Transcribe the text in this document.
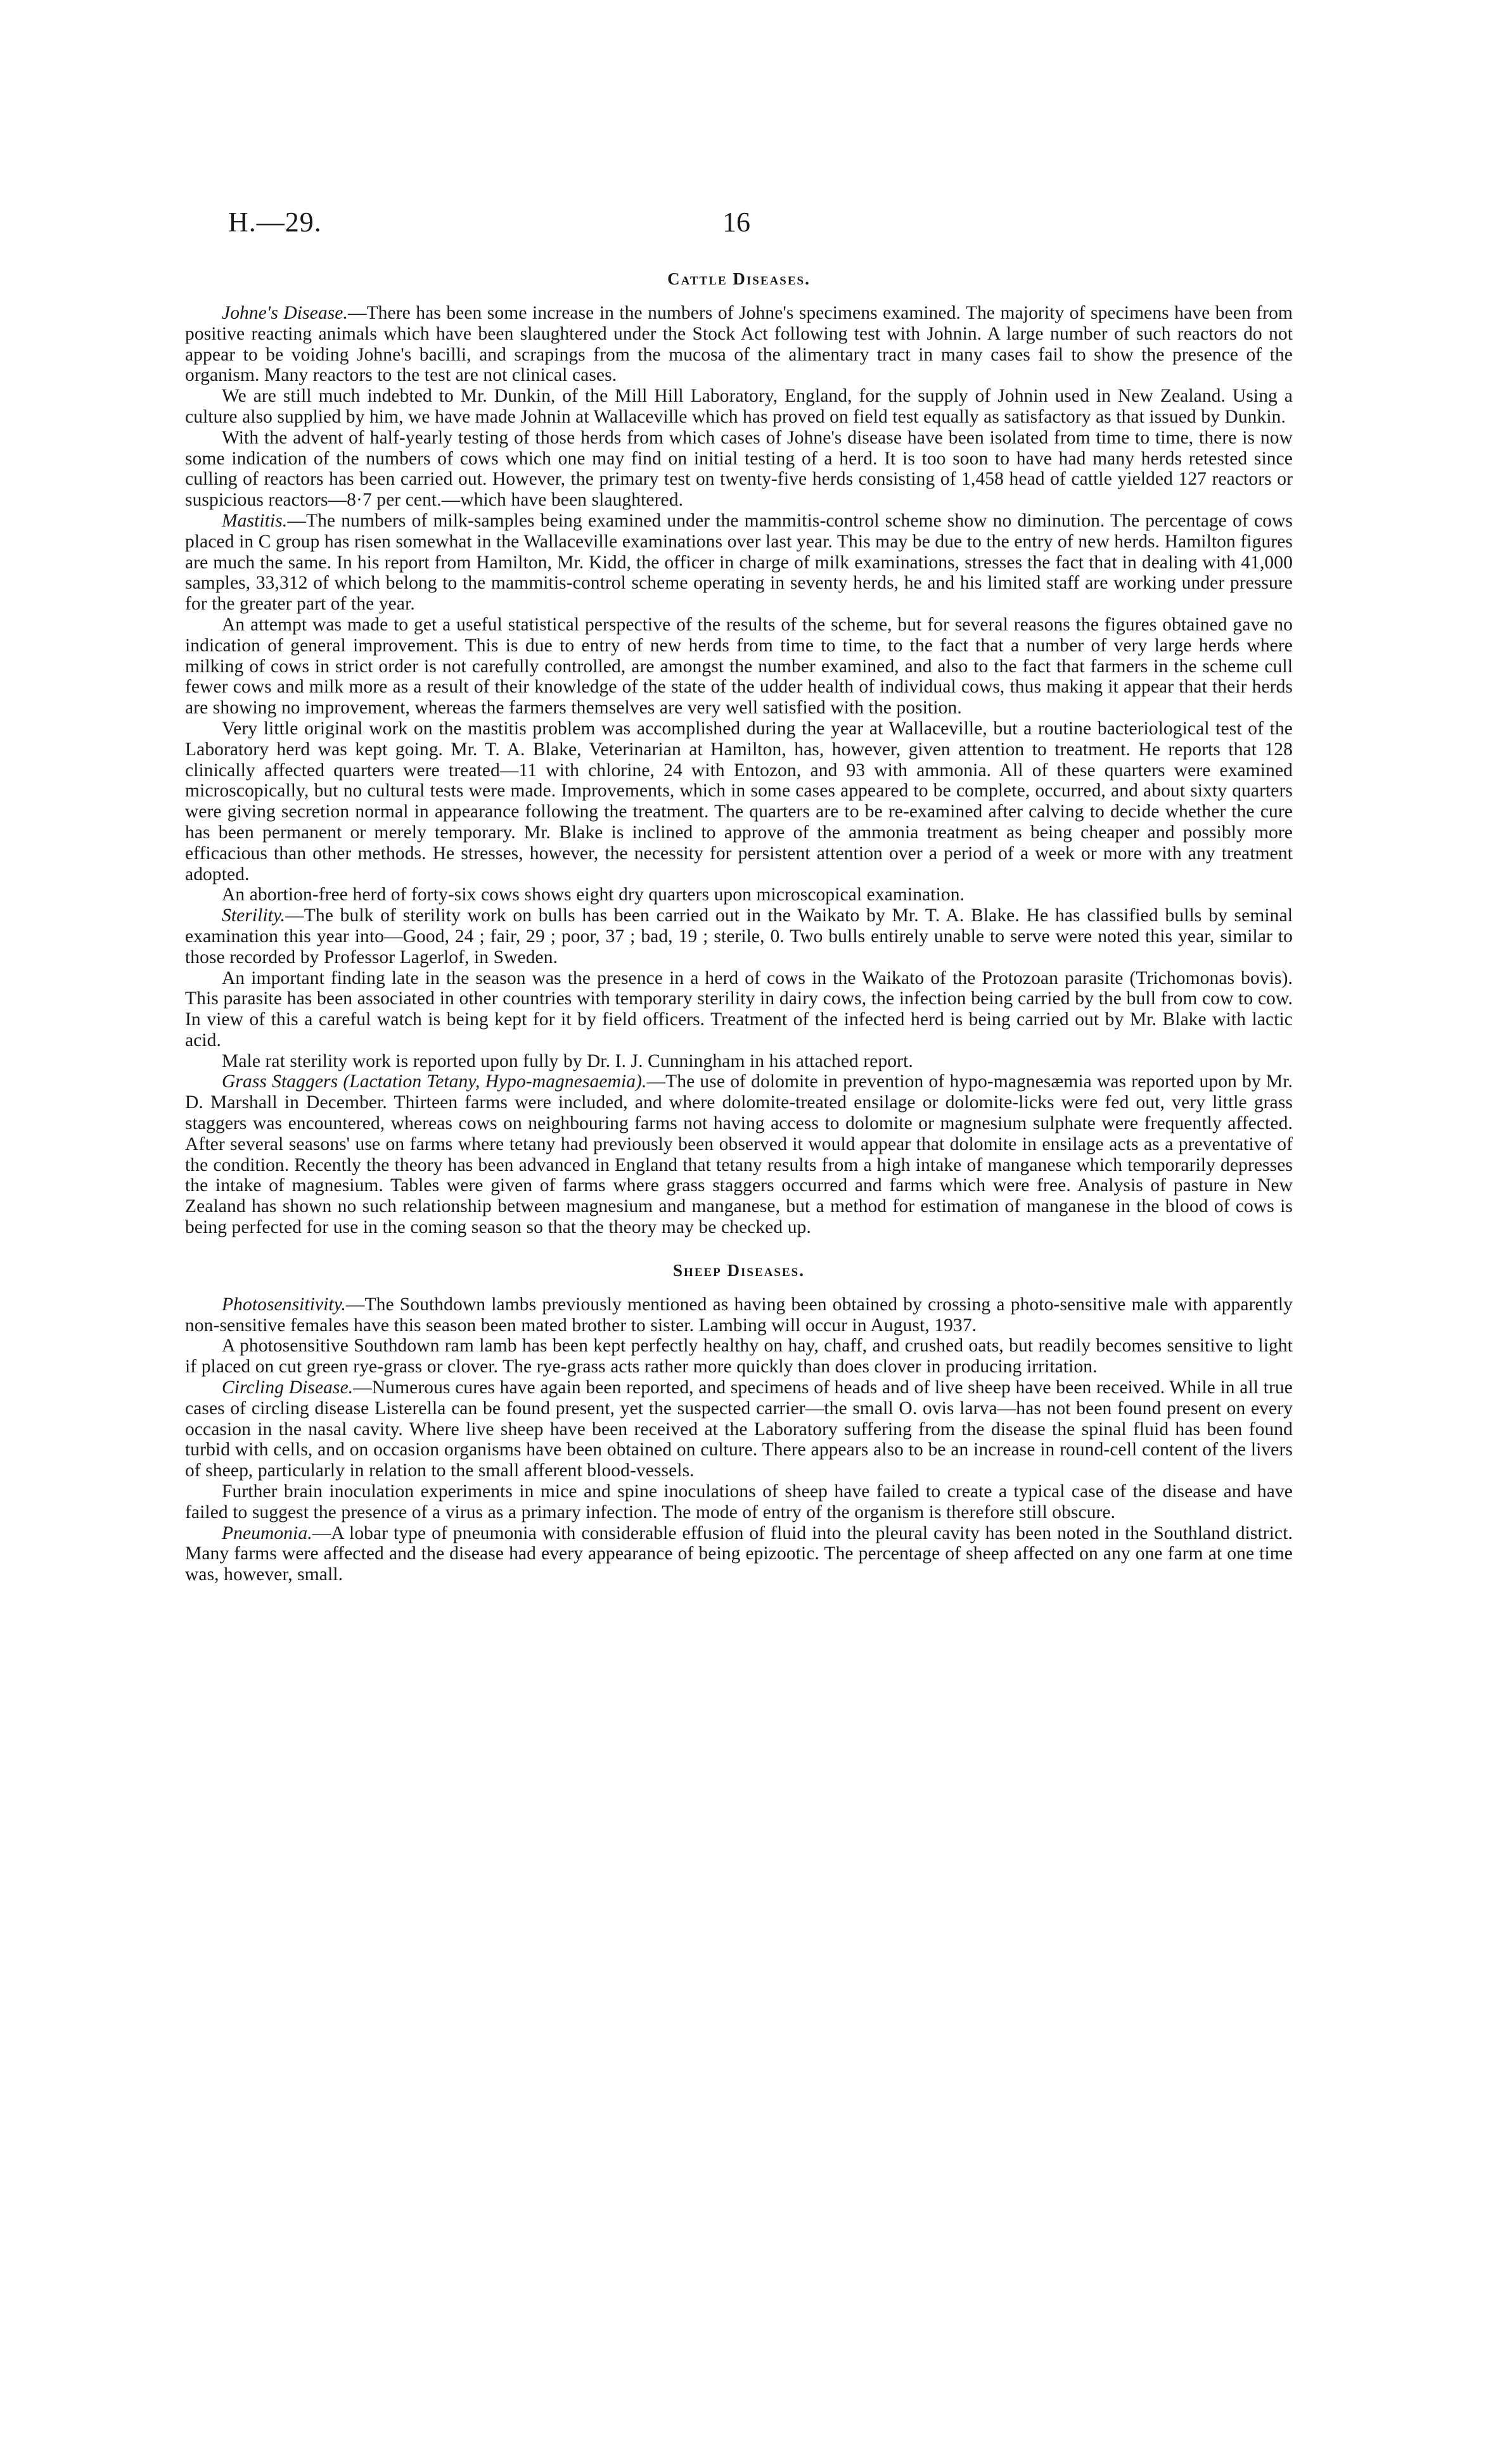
H.—29.	16
Cattle Diseases.

Johne's Disease.—There has been some increase in the numbers of Johne's specimens examined. The majority of specimens have been from positive reacting animals which have been slaughtered under the Stock Act following test with Johnin. A large number of such reactors do not appear to be voiding Johne's bacilli, and scrapings from the mucosa of the alimentary tract in many cases fail to show the presence of the organism. Many reactors to the test are not clinical cases.

We are still much indebted to Mr. Dunkin, of the Mill Hill Laboratory, England, for the supply of Johnin used in New Zealand. Using a culture also supplied by him, we have made Johnin at Wallaceville which has proved on field test equally as satisfactory as that issued by Dunkin.

With the advent of half-yearly testing of those herds from which cases of Johne's disease have been isolated from time to time, there is now some indication of the numbers of cows which one may find on initial testing of a herd. It is too soon to have had many herds retested since culling of reactors has been carried out. However, the primary test on twenty-five herds consisting of 1,458 head of cattle yielded 127 reactors or suspicious reactors—8·7 per cent.—which have been slaughtered.

Mastitis.—The numbers of milk-samples being examined under the mammitis-control scheme show no diminution. The percentage of cows placed in C group has risen somewhat in the Wallaceville examinations over last year. This may be due to the entry of new herds. Hamilton figures are much the same. In his report from Hamilton, Mr. Kidd, the officer in charge of milk examinations, stresses the fact that in dealing with 41,000 samples, 33,312 of which belong to the mammitis-control scheme operating in seventy herds, he and his limited staff are working under pressure for the greater part of the year.

An attempt was made to get a useful statistical perspective of the results of the scheme, but for several reasons the figures obtained gave no indication of general improvement. This is due to entry of new herds from time to time, to the fact that a number of very large herds where milking of cows in strict order is not carefully controlled, are amongst the number examined, and also to the fact that farmers in the scheme cull fewer cows and milk more as a result of their knowledge of the state of the udder health of individual cows, thus making it appear that their herds are showing no improvement, whereas the farmers themselves are very well satisfied with the position.

Very little original work on the mastitis problem was accomplished during the year at Wallaceville, but a routine bacteriological test of the Laboratory herd was kept going. Mr. T. A. Blake, Veterinarian at Hamilton, has, however, given attention to treatment. He reports that 128 clinically affected quarters were treated—11 with chlorine, 24 with Entozon, and 93 with ammonia. All of these quarters were examined microscopically, but no cultural tests were made. Improvements, which in some cases appeared to be complete, occurred, and about sixty quarters were giving secretion normal in appearance following the treatment. The quarters are to be re-examined after calving to decide whether the cure has been permanent or merely temporary. Mr. Blake is inclined to approve of the ammonia treatment as being cheaper and possibly more efficacious than other methods. He stresses, however, the necessity for persistent attention over a period of a week or more with any treatment adopted.

An abortion-free herd of forty-six cows shows eight dry quarters upon microscopical examination.

Sterility.—The bulk of sterility work on bulls has been carried out in the Waikato by Mr. T. A. Blake. He has classified bulls by seminal examination this year into—Good, 24 ; fair, 29 ; poor, 37 ; bad, 19 ; sterile, 0. Two bulls entirely unable to serve were noted this year, similar to those recorded by Professor Lagerlof, in Sweden.

An important finding late in the season was the presence in a herd of cows in the Waikato of the Protozoan parasite (Trichomonas bovis). This parasite has been associated in other countries with temporary sterility in dairy cows, the infection being carried by the bull from cow to cow. In view of this a careful watch is being kept for it by field officers. Treatment of the infected herd is being carried out by Mr. Blake with lactic acid.

Male rat sterility work is reported upon fully by Dr. I. J. Cunningham in his attached report.

Grass Staggers (Lactation Tetany, Hypo-magnesaemia).—The use of dolomite in prevention of hypo-magnesæmia was reported upon by Mr. D. Marshall in December. Thirteen farms were included, and where dolomite-treated ensilage or dolomite-licks were fed out, very little grass staggers was encountered, whereas cows on neighbouring farms not having access to dolomite or magnesium sulphate were frequently affected. After several seasons' use on farms where tetany had previously been observed it would appear that dolomite in ensilage acts as a preventative of the condition. Recently the theory has been advanced in England that tetany results from a high intake of manganese which temporarily depresses the intake of magnesium. Tables were given of farms where grass staggers occurred and farms which were free. Analysis of pasture in New Zealand has shown no such relationship between magnesium and manganese, but a method for estimation of manganese in the blood of cows is being perfected for use in the coming season so that the theory may be checked up.

Sheep Diseases.

Photosensitivity.—The Southdown lambs previously mentioned as having been obtained by crossing a photo-sensitive male with apparently non-sensitive females have this season been mated brother to sister. Lambing will occur in August, 1937.

A photosensitive Southdown ram lamb has been kept perfectly healthy on hay, chaff, and crushed oats, but readily becomes sensitive to light if placed on cut green rye-grass or clover. The rye-grass acts rather more quickly than does clover in producing irritation.

Circling Disease.—Numerous cures have again been reported, and specimens of heads and of live sheep have been received. While in all true cases of circling disease Listerella can be found present, yet the suspected carrier—the small O. ovis larva—has not been found present on every occasion in the nasal cavity. Where live sheep have been received at the Laboratory suffering from the disease the spinal fluid has been found turbid with cells, and on occasion organisms have been obtained on culture. There appears also to be an increase in round-cell content of the livers of sheep, particularly in relation to the small afferent blood-vessels.

Further brain inoculation experiments in mice and spine inoculations of sheep have failed to create a typical case of the disease and have failed to suggest the presence of a virus as a primary infection. The mode of entry of the organism is therefore still obscure.

Pneumonia.—A lobar type of pneumonia with considerable effusion of fluid into the pleural cavity has been noted in the Southland district. Many farms were affected and the disease had every appearance of being epizootic. The percentage of sheep affected on any one farm at one time was, however, small.
